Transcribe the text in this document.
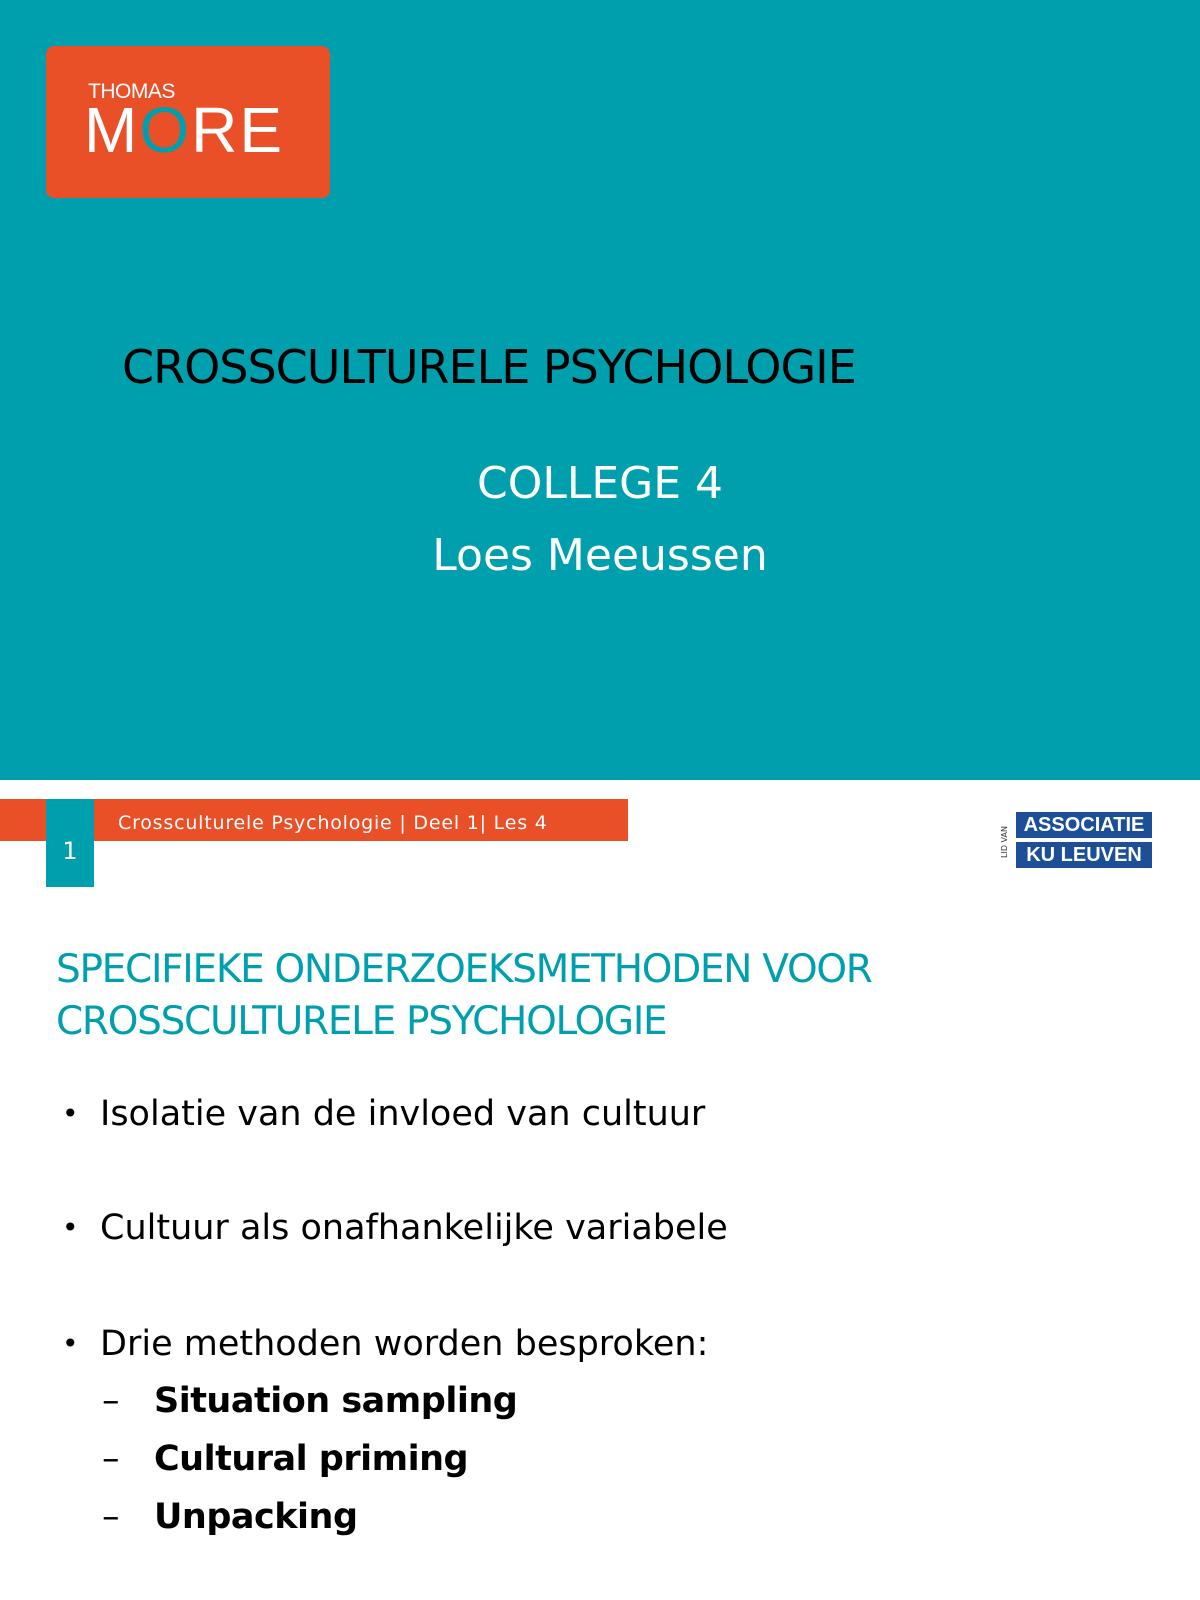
THOMAS
MORE
CROSSCULTURELE PSYCHOLOGIE
COLLEGE 4
Loes Meeussen
Crossculturele Psychologie | Deel 1| Les 4
1	LID VAN
ASSOCIATIE
KU LEUVEN
SPECIFIEKE ONDERZOEKSMETHODEN VOOR
CROSSCULTURELE PSYCHOLOGIE
• Isolatie van de invloed van cultuur
• Cultuur als onafhankelijke variabele
• Drie methoden worden besproken:
– Situation sampling
– Cultural priming
– Unpacking
